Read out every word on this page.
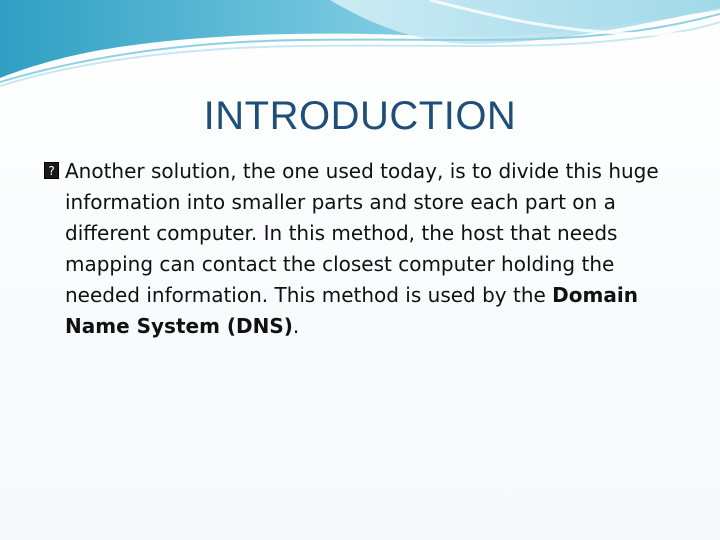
INTRODUCTION

? Another solution, the one used today, is to divide this huge information into smaller parts and store each part on a different computer. In this method, the host that needs mapping can contact the closest computer holding the needed information. This method is used by the Domain Name System (DNS).
